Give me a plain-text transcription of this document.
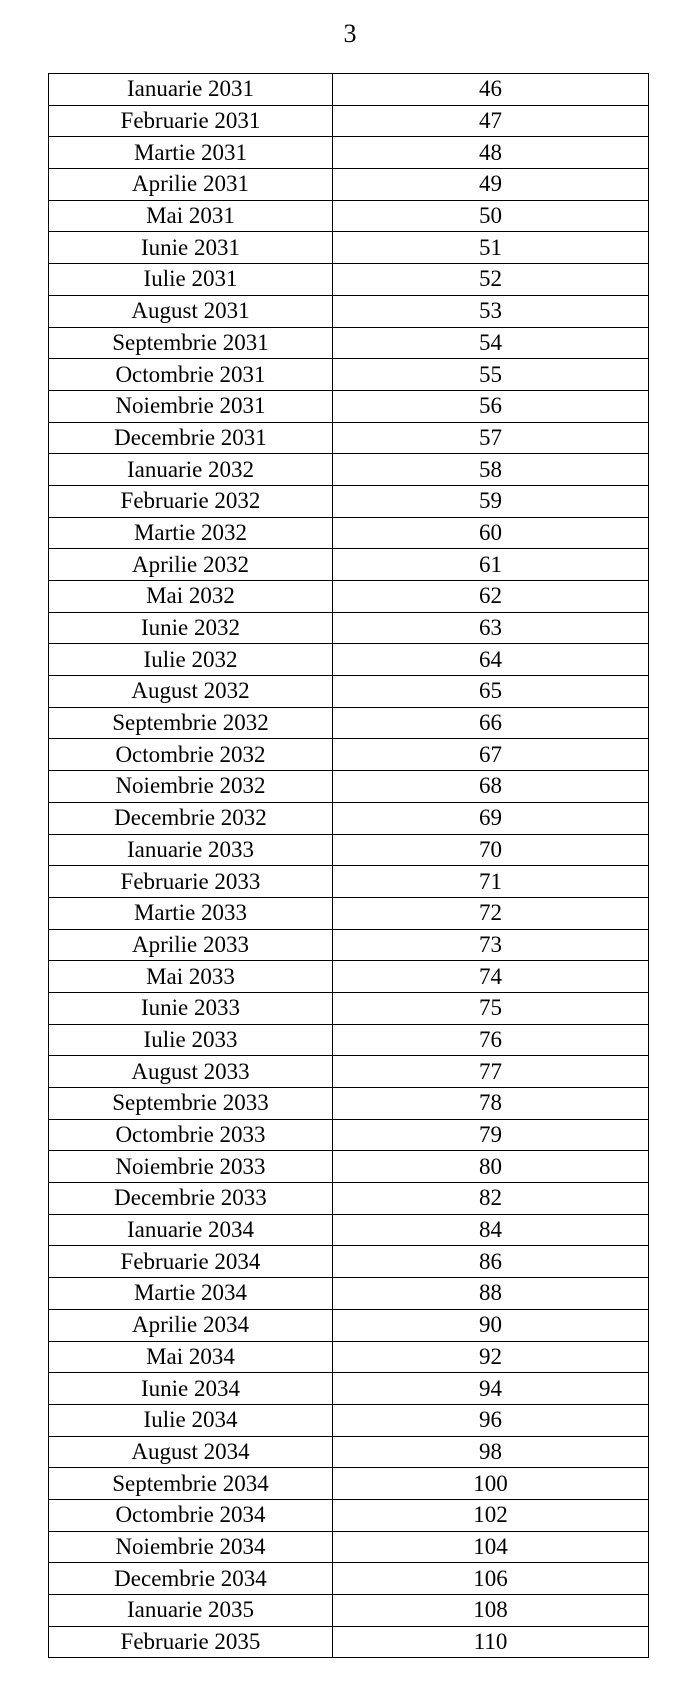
3
Ianuarie 2031	46
Februarie 2031	47
Martie 2031	48
Aprilie 2031	49
Mai 2031	50
Iunie 2031	51
Iulie 2031	52
August 2031	53
Septembrie 2031	54
Octombrie 2031	55
Noiembrie 2031	56
Decembrie 2031	57
Ianuarie 2032	58
Februarie 2032	59
Martie 2032	60
Aprilie 2032	61
Mai 2032	62
Iunie 2032	63
Iulie 2032	64
August 2032	65
Septembrie 2032	66
Octombrie 2032	67
Noiembrie 2032	68
Decembrie 2032	69
Ianuarie 2033	70
Februarie 2033	71
Martie 2033	72
Aprilie 2033	73
Mai 2033	74
Iunie 2033	75
Iulie 2033	76
August 2033	77
Septembrie 2033	78
Octombrie 2033	79
Noiembrie 2033	80
Decembrie 2033	82
Ianuarie 2034	84
Februarie 2034	86
Martie 2034	88
Aprilie 2034	90
Mai 2034	92
Iunie 2034	94
Iulie 2034	96
August 2034	98
Septembrie 2034	100
Octombrie 2034	102
Noiembrie 2034	104
Decembrie 2034	106
Ianuarie 2035	108
Februarie 2035	110
